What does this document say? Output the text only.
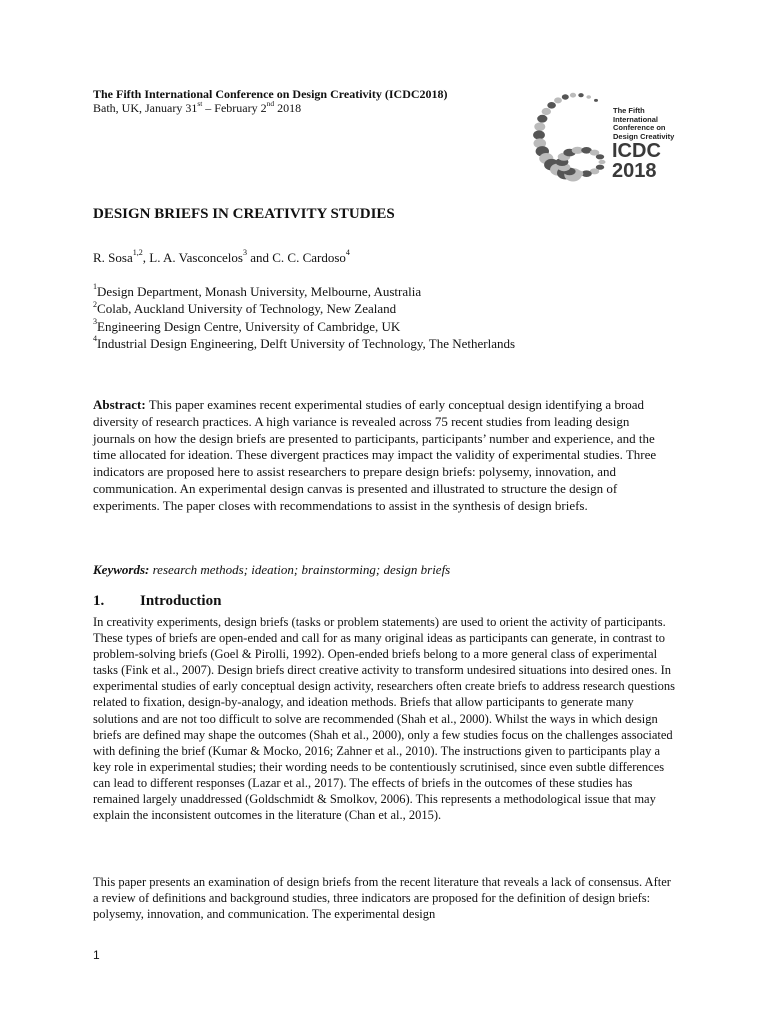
The Fifth International Conference on Design Creativity (ICDC2018)
Bath, UK, January 31st – February 2nd 2018	The Fifth
International
Conference on
Design Creativity
ICDC
2018
DESIGN BRIEFS IN CREATIVITY STUDIES
R. Sosa$^{1,2}$, L. A. Vasconcelos$^3$ and C. C. Cardoso$^4$
$^1$Design Department, Monash University, Melbourne, Australia
$^2$Colab, Auckland University of Technology, New Zealand
$^3$Engineering Design Centre, University of Cambridge, UK
$^4$Industrial Design Engineering, Delft University of Technology, The Netherlands
Abstract: This paper examines recent experimental studies of early conceptual design identifying a broad diversity of research practices. A high variance is revealed across 75 recent studies from leading design journals on how the design briefs are presented to participants, participants’ number and experience, and the time allocated for ideation. These divergent practices may impact the validity of experimental studies. Three indicators are proposed here to assist researchers to prepare design briefs: polysemy, innovation, and communication. An experimental design canvas is presented and illustrated to structure the design of experiments. The paper closes with recommendations to assist in the synthesis of design briefs.
Keywords: research methods; ideation; brainstorming; design briefs
1. Introduction
In creativity experiments, design briefs (tasks or problem statements) are used to orient the activity of participants. These types of briefs are open-ended and call for as many original ideas as participants can generate, in contrast to problem-solving briefs (Goel & Pirolli, 1992). Open-ended briefs belong to a more general class of experimental tasks (Fink et al., 2007). Design briefs direct creative activity to transform undesired situations into desired ones. In experimental studies of early conceptual design activity, researchers often create briefs to address research questions related to fixation, design-by-analogy, and ideation methods. Briefs that allow participants to generate many solutions and are not too difficult to solve are recommended (Shah et al., 2000). Whilst the ways in which design briefs are defined may shape the outcomes (Shah et al., 2000), only a few studies focus on the challenges associated with defining the brief (Kumar & Mocko, 2016; Zahner et al., 2010). The instructions given to participants play a key role in experimental studies; their wording needs to be contentiously scrutinised, since even subtle differences can lead to different responses (Lazar et al., 2017). The effects of briefs in the outcomes of these studies has remained largely unaddressed (Goldschmidt & Smolkov, 2006). This represents a methodological issue that may explain the inconsistent outcomes in the literature (Chan et al., 2015).
This paper presents an examination of design briefs from the recent literature that reveals a lack of consensus. After a review of definitions and background studies, three indicators are proposed for the definition of design briefs: polysemy, innovation, and communication. The experimental design
1
